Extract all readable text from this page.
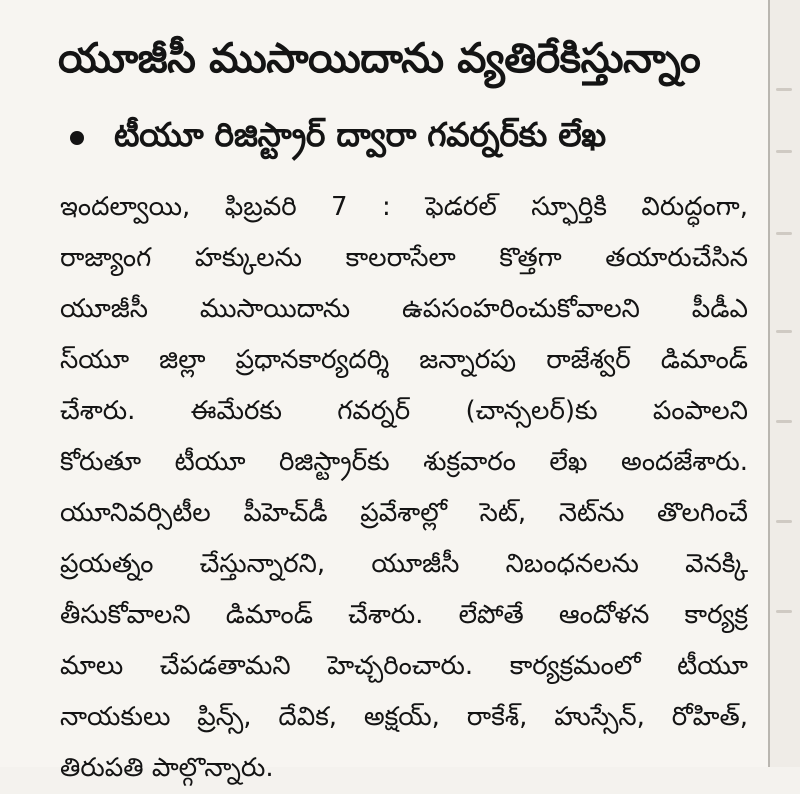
యూజీసీ ముసాయిదాను వ్యతిరేకిస్తున్నాం
టీయూ రిజిస్ట్రార్ ద్వారా గవర్నర్‌కు లేఖ
ఇందల్వాయి, ఫిబ్రవరి 7 : ఫెడరల్ స్ఫూర్తికి విరుద్ధంగా,
రాజ్యాంగ హక్కులను కాలరాసేలా కొత్తగా తయారుచేసిన
యూజీసీ ముసాయిదాను ఉపసంహరించుకోవాలని పీడీఎ
స్‌యూ జిల్లా ప్రధానకార్యదర్శి జన్నారపు రాజేశ్వర్ డిమాండ్
చేశారు. ఈమేరకు గవర్నర్ (చాన్సలర్)కు పంపాలని
కోరుతూ టీయూ రిజిస్ట్రార్‌కు శుక్రవారం లేఖ అందజేశారు.
యూనివర్సిటీల పీహెచ్‌డీ ప్రవేశాల్లో సెట్, నెట్‌ను తొలగించే
ప్రయత్నం చేస్తున్నారని, యూజీసీ నిబంధనలను వెనక్కి
తీసుకోవాలని డిమాండ్ చేశారు. లేపోతే ఆందోళన కార్యక్ర
మాలు చేపడతామని హెచ్చరించారు. కార్యక్రమంలో టీయూ
నాయకులు ప్రిన్స్, దేవిక, అక్షయ్, రాకేశ్, హుస్సేన్, రోహిత్,
తిరుపతి పాల్గొన్నారు.
